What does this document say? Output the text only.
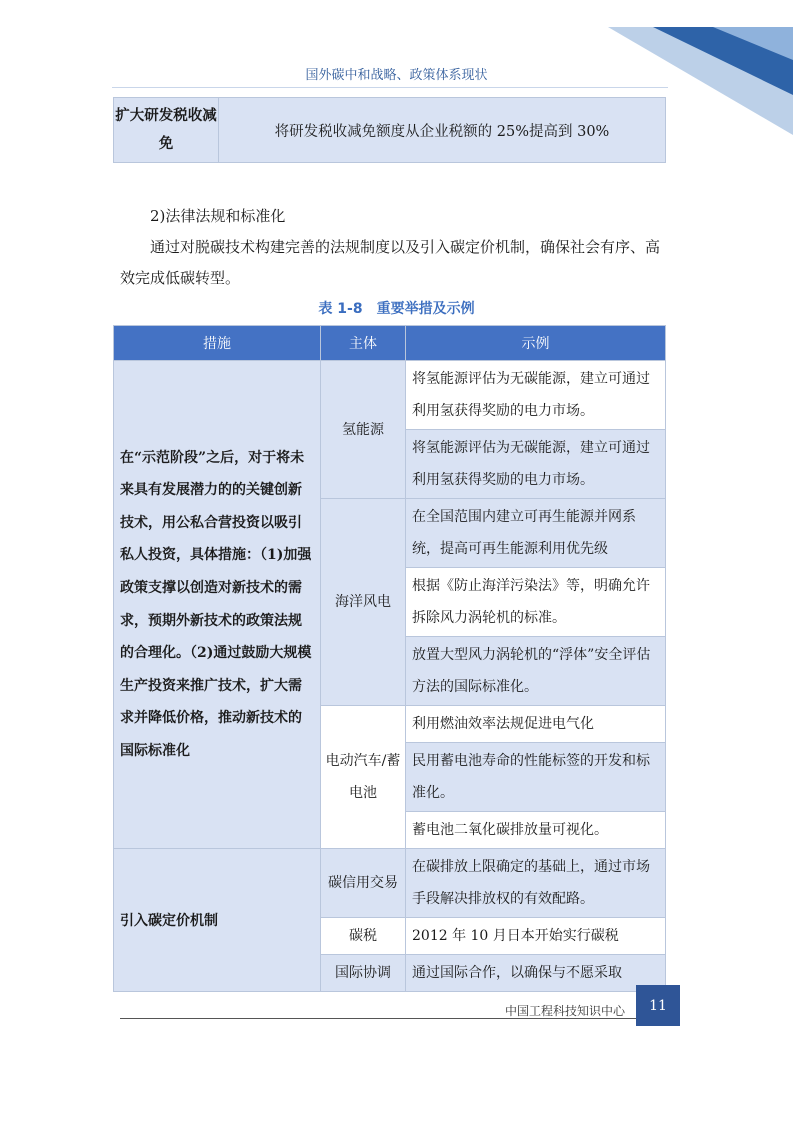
国外碳中和战略、政策体系现状
扩大研发税收减免	将研发税收减免额度从企业税额的 25%提高到 30%
2)法律法规和标准化
通过对脱碳技术构建完善的法规制度以及引入碳定价机制，确保社会有序、高效完成低碳转型。
表 1-8　重要举措及示例
措施	主体	示例
在“示范阶段”之后，对于将未来具有发展潜力的的关键创新技术，用公私合营投资以吸引私人投资，具体措施：（1)加强政策支撑以创造对新技术的需求，预期外新技术的政策法规的合理化。（2)通过鼓励大规模生产投资来推广技术，扩大需求并降低价格，推动新技术的国际标准化	氢能源	将氢能源评估为无碳能源，建立可通过利用氢获得奖励的电力市场。
		将氢能源评估为无碳能源，建立可通过利用氢获得奖励的电力市场。
	海洋风电	在全国范围内建立可再生能源并网系统，提高可再生能源利用优先级
		根据《防止海洋污染法》等，明确允许拆除风力涡轮机的标准。
		放置大型风力涡轮机的“浮体”安全评估方法的国际标准化。
	电动汽车/蓄电池	利用燃油效率法规促进电气化
		民用蓄电池寿命的性能标签的开发和标准化。
		蓄电池二氧化碳排放量可视化。
引入碳定价机制	碳信用交易	在碳排放上限确定的基础上，通过市场手段解决排放权的有效配路。
	碳税	2012 年 10 月日本开始实行碳税
	国际协调	通过国际合作，以确保与不愿采取
中国工程科技知识中心	11
